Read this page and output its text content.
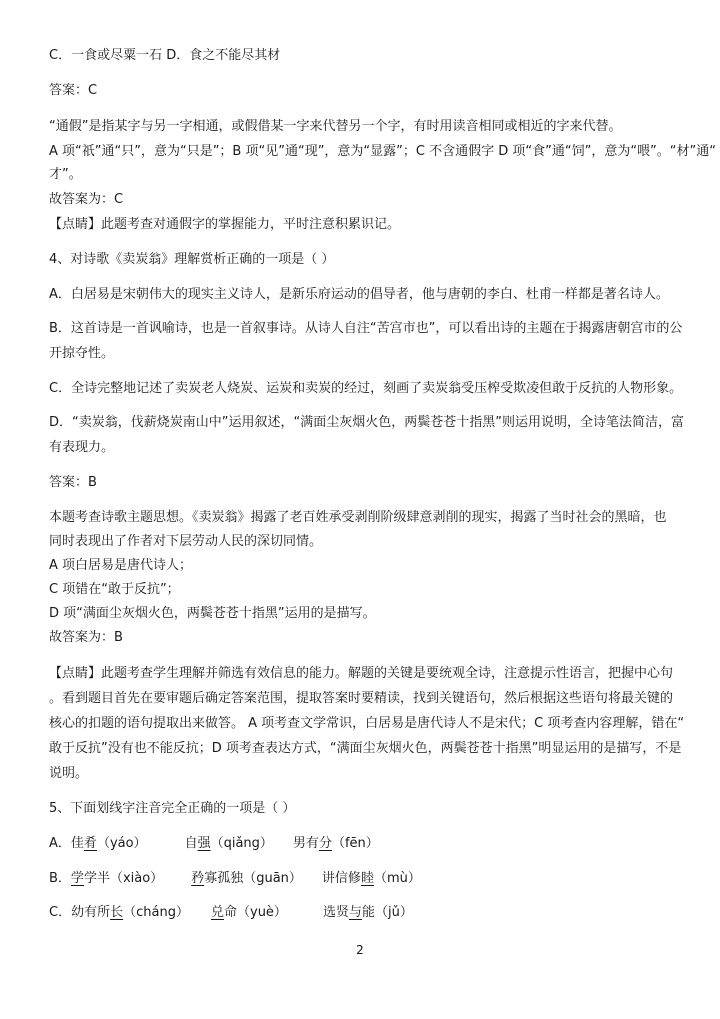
C．一食或尽粟一石 D．食之不能尽其材
答案：C
“通假”是指某字与另一字相通，或假借某一字来代替另一个字，有时用读音相同或相近的字来代替。
A 项“祇”通“只”，意为“只是”；B 项“见”通“现”，意为“显露”；C 不含通假字 D 项“食”通“饲”，意为“喂”。“材”通“
才”。
故答案为：C
【点睛】此题考查对通假字的掌握能力，平时注意积累识记。
4、对诗歌《卖炭翁》理解赏析正确的一项是（ ）
A．白居易是宋朝伟大的现实主义诗人，是新乐府运动的倡导者，他与唐朝的李白、杜甫一样都是著名诗人。
B．这首诗是一首讽喻诗，也是一首叙事诗。从诗人自注“苦宫市也”，可以看出诗的主题在于揭露唐朝宫市的公
开掠夺性。
C．全诗完整地记述了卖炭老人烧炭、运炭和卖炭的经过，刻画了卖炭翁受压榨受欺凌但敢于反抗的人物形象。
D．“卖炭翁，伐薪烧炭南山中”运用叙述，“满面尘灰烟火色，两鬓苍苍十指黑”则运用说明，全诗笔法简洁，富
有表现力。
答案：B
本题考查诗歌主题思想。《卖炭翁》揭露了老百姓承受剥削阶级肆意剥削的现实，揭露了当时社会的黑暗，也
同时表现出了作者对下层劳动人民的深切同情。
A 项白居易是唐代诗人；
C 项错在“敢于反抗”；
D 项“满面尘灰烟火色，两鬓苍苍十指黑”运用的是描写。
故答案为：B
【点睛】此题考查学生理解并筛选有效信息的能力。解题的关键是要统观全诗，注意提示性语言，把握中心句
。看到题目首先在要审题后确定答案范围，提取答案时要精读，找到关键语句，然后根据这些语句将最关键的
核心的扣题的语句提取出来做答。 A 项考查文学常识，白居易是唐代诗人不是宋代；C 项考查内容理解，错在“
敢于反抗”没有也不能反抗；D 项考查表达方式，“满面尘灰烟火色，两鬓苍苍十指黑”明显运用的是描写，不是
说明。
5、下面划线字注音完全正确的一项是（ ）
A．佳肴（yáo）	自强（qiǎng） 男有分（fēn）
B．学学半（xiào） 矜寡孤独（guān） 讲信修睦（mù）
C．幼有所长（cháng） 兑命（yuè）	选贤与能（jǔ）
2
